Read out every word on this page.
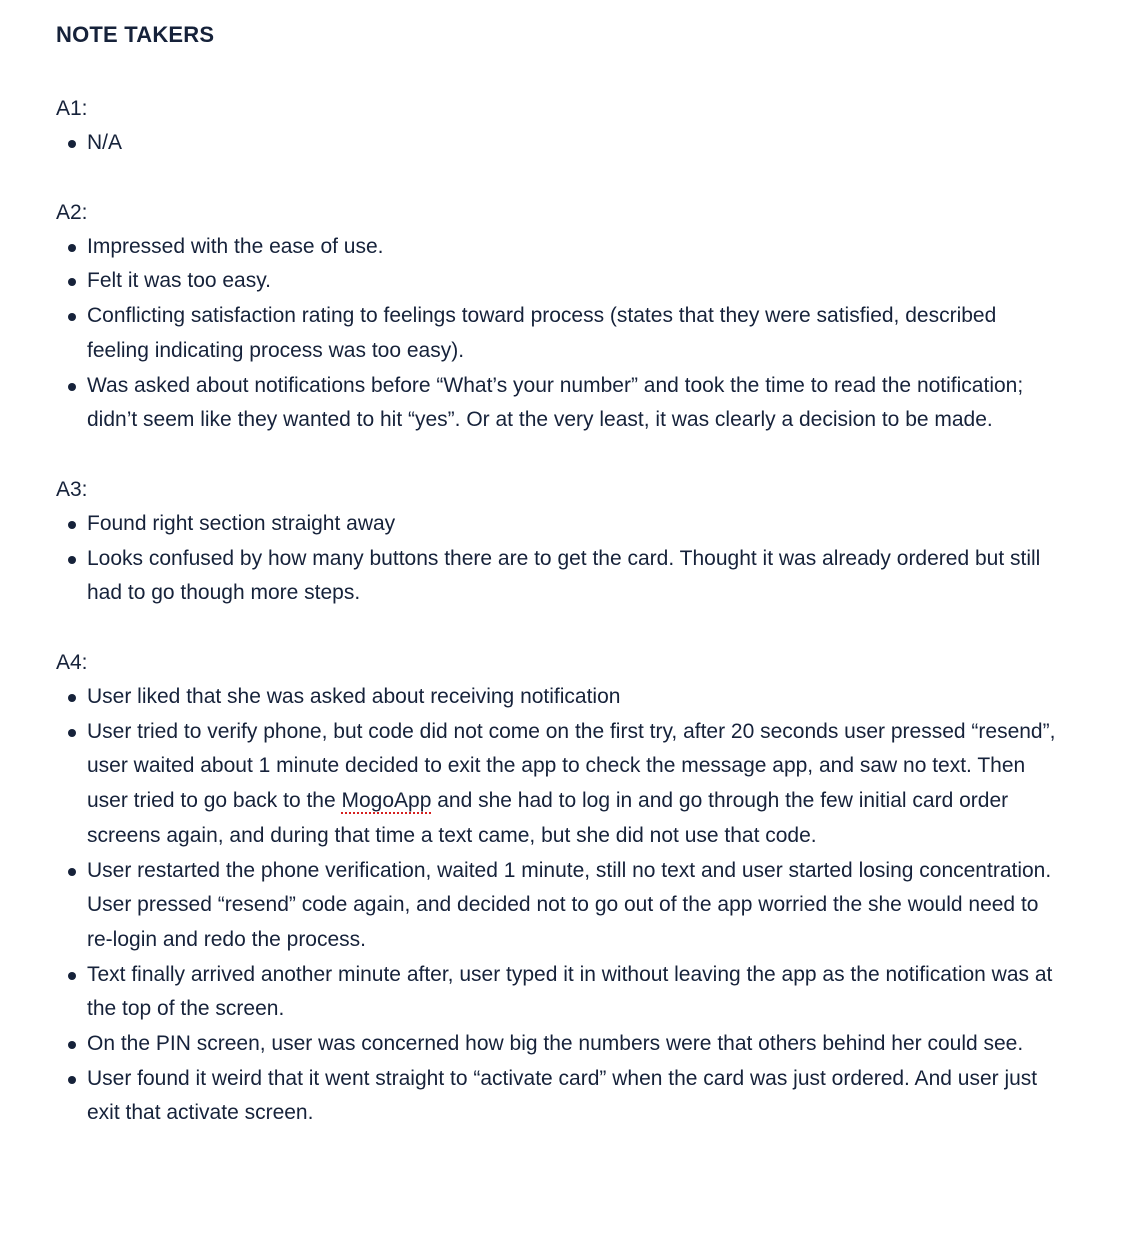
NOTE TAKERS

A1:

N/A

A2:

Impressed with the ease of use.
Felt it was too easy.
Conflicting satisfaction rating to feelings toward process (states that they were satisfied, described feeling indicating process was too easy).
Was asked about notifications before “What’s your number” and took the time to read the notification; didn’t seem like they wanted to hit “yes”. Or at the very least, it was clearly a decision to be made.

A3:

Found right section straight away
Looks confused by how many buttons there are to get the card. Thought it was already ordered but still had to go though more steps.

A4:

User liked that she was asked about receiving notification
User tried to verify phone, but code did not come on the first try, after 20 seconds user pressed “resend”, user waited about 1 minute decided to exit the app to check the message app, and saw no text. Then user tried to go back to the MogoApp and she had to log in and go through the few initial card order screens again, and during that time a text came, but she did not use that code.
User restarted the phone verification, waited 1 minute, still no text and user started losing concentration. User pressed “resend” code again, and decided not to go out of the app worried the she would need to re-login and redo the process.
Text finally arrived another minute after, user typed it in without leaving the app as the notification was at the top of the screen.
On the PIN screen, user was concerned how big the numbers were that others behind her could see.
User found it weird that it went straight to “activate card” when the card was just ordered. And user just exit that activate screen.
